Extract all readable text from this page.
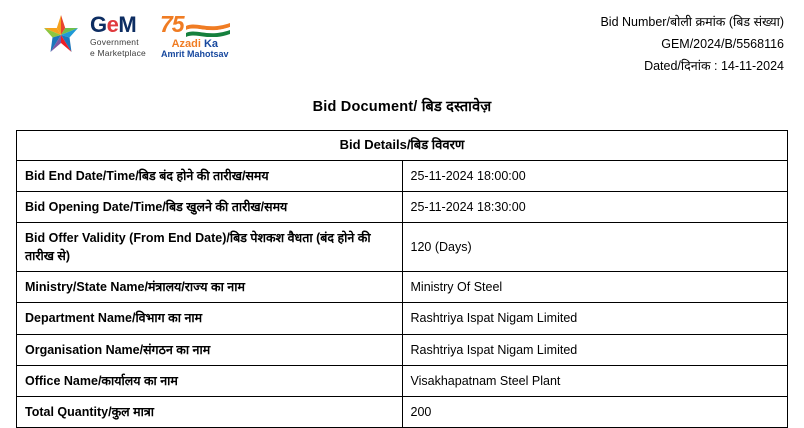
GeM
Government
e Marketplace
75
Azadi Ka
Amrit Mahotsav
Bid Number/बोली क्रमांक (बिड संख्या)
GEM/2024/B/5568116
Dated/दिनांक : 14-11-2024
Bid Document/ बिड दस्तावेज़
Bid Details/बिड विवरण	
Bid End Date/Time/बिड बंद होने की तारीख/समय	25-11-2024 18:00:00
Bid Opening Date/Time/बिड खुलने की तारीख/समय	25-11-2024 18:30:00
Bid Offer Validity (From End Date)/बिड पेशकश वैधता (बंद होने की तारीख से)	120 (Days)
Ministry/State Name/मंत्रालय/राज्य का नाम	Ministry Of Steel
Department Name/विभाग का नाम	Rashtriya Ispat Nigam Limited
Organisation Name/संगठन का नाम	Rashtriya Ispat Nigam Limited
Office Name/कार्यालय का नाम	Visakhapatnam Steel Plant
Total Quantity/कुल मात्रा	200
